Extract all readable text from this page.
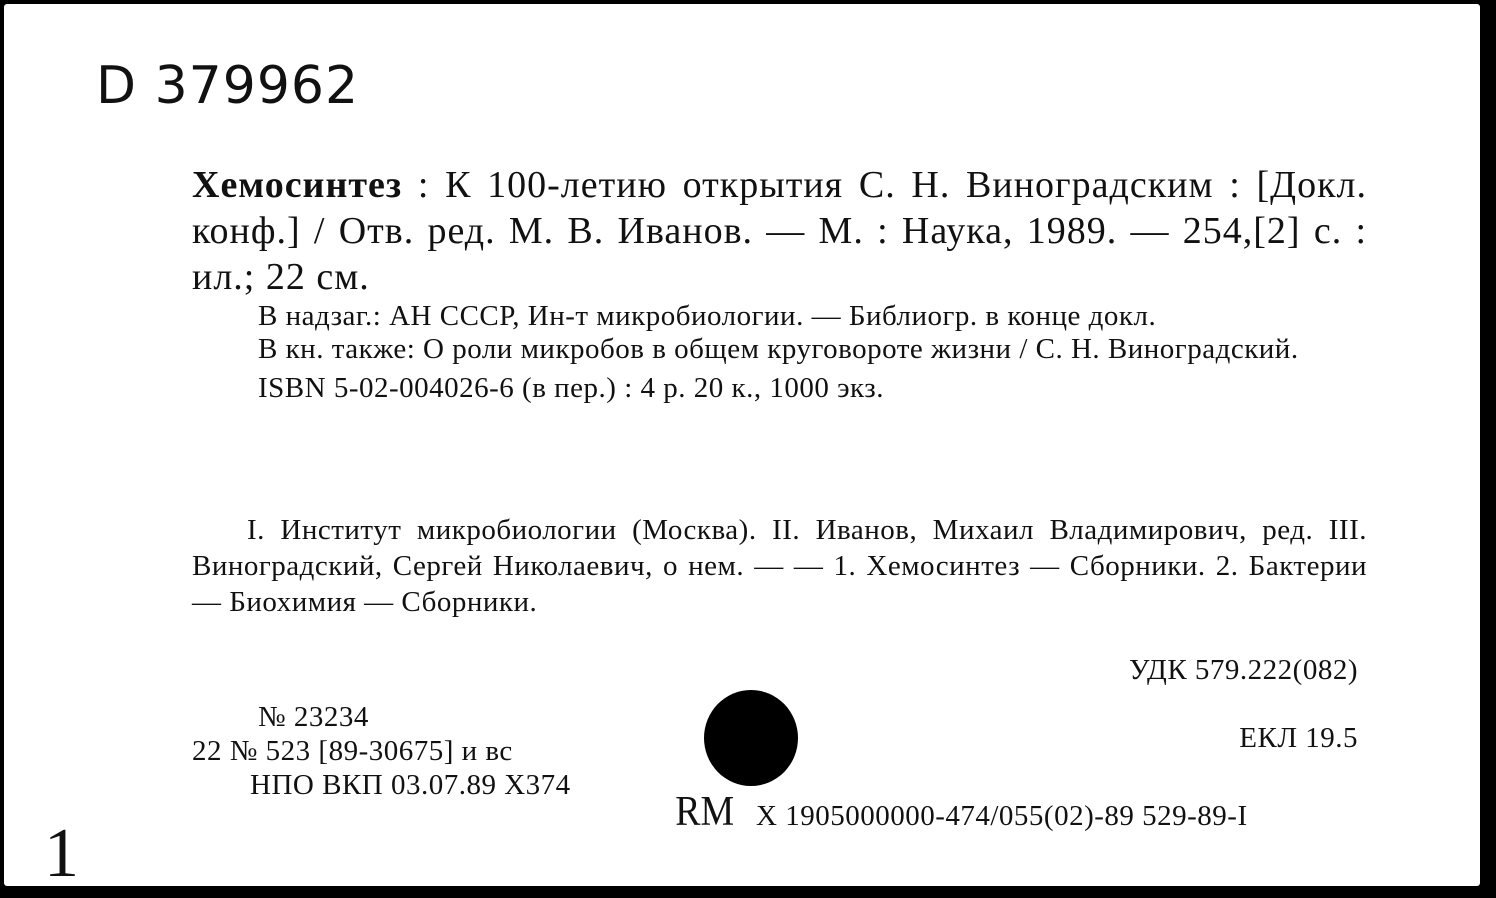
D 379962
Хемосинтез : К 100-летию открытия С. Н. Виноградским : [Докл. конф.] / Отв. ред. М. В. Иванов. — М. : Наука, 1989. — 254,[2] с. : ил.; 22 см.

В надзаг.: АН СССР, Ин-т микробиологии. — Библиогр. в конце докл.

В кн. также: О роли микробов в общем круговороте жизни / С. Н. Виноградский.

ISBN 5-02-004026-6 (в пер.) : 4 р. 20 к., 1000 экз.

I. Институт микробиологии (Москва). II. Иванов, Михаил Владимирович, ред. III. Виноградский, Сергей Николаевич, о нем. — — 1. Хемосинтез — Сборники. 2. Бактерии — Биохимия — Сборники.
УДК 579.222(082)
ЕКЛ 19.5
№ 23234
22 № 523 [89-30675] и вс
НПО ВКП 03.07.89 Х374
RM X 1905000000-474/055(02)-89 529-89-I
1
